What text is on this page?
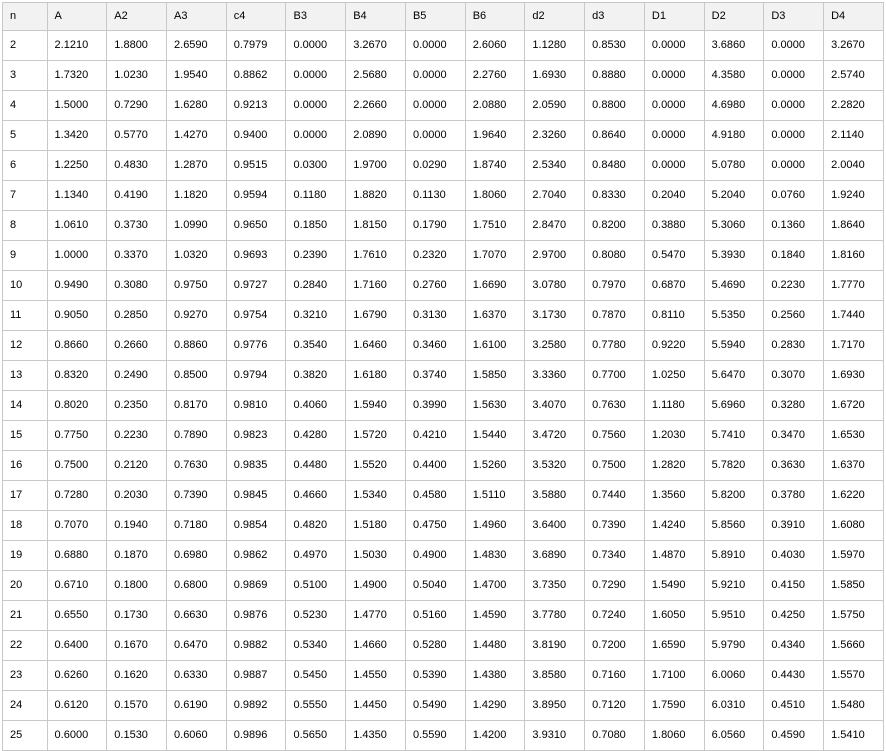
n	A	A2	A3	c4	B3	B4	B5	B6	d2	d3	D1	D2	D3	D4
2	2.1210	1.8800	2.6590	0.7979	0.0000	3.2670	0.0000	2.6060	1.1280	0.8530	0.0000	3.6860	0.0000	3.2670
3	1.7320	1.0230	1.9540	0.8862	0.0000	2.5680	0.0000	2.2760	1.6930	0.8880	0.0000	4.3580	0.0000	2.5740
4	1.5000	0.7290	1.6280	0.9213	0.0000	2.2660	0.0000	2.0880	2.0590	0.8800	0.0000	4.6980	0.0000	2.2820
5	1.3420	0.5770	1.4270	0.9400	0.0000	2.0890	0.0000	1.9640	2.3260	0.8640	0.0000	4.9180	0.0000	2.1140
6	1.2250	0.4830	1.2870	0.9515	0.0300	1.9700	0.0290	1.8740	2.5340	0.8480	0.0000	5.0780	0.0000	2.0040
7	1.1340	0.4190	1.1820	0.9594	0.1180	1.8820	0.1130	1.8060	2.7040	0.8330	0.2040	5.2040	0.0760	1.9240
8	1.0610	0.3730	1.0990	0.9650	0.1850	1.8150	0.1790	1.7510	2.8470	0.8200	0.3880	5.3060	0.1360	1.8640
9	1.0000	0.3370	1.0320	0.9693	0.2390	1.7610	0.2320	1.7070	2.9700	0.8080	0.5470	5.3930	0.1840	1.8160
10	0.9490	0.3080	0.9750	0.9727	0.2840	1.7160	0.2760	1.6690	3.0780	0.7970	0.6870	5.4690	0.2230	1.7770
11	0.9050	0.2850	0.9270	0.9754	0.3210	1.6790	0.3130	1.6370	3.1730	0.7870	0.8110	5.5350	0.2560	1.7440
12	0.8660	0.2660	0.8860	0.9776	0.3540	1.6460	0.3460	1.6100	3.2580	0.7780	0.9220	5.5940	0.2830	1.7170
13	0.8320	0.2490	0.8500	0.9794	0.3820	1.6180	0.3740	1.5850	3.3360	0.7700	1.0250	5.6470	0.3070	1.6930
14	0.8020	0.2350	0.8170	0.9810	0.4060	1.5940	0.3990	1.5630	3.4070	0.7630	1.1180	5.6960	0.3280	1.6720
15	0.7750	0.2230	0.7890	0.9823	0.4280	1.5720	0.4210	1.5440	3.4720	0.7560	1.2030	5.7410	0.3470	1.6530
16	0.7500	0.2120	0.7630	0.9835	0.4480	1.5520	0.4400	1.5260	3.5320	0.7500	1.2820	5.7820	0.3630	1.6370
17	0.7280	0.2030	0.7390	0.9845	0.4660	1.5340	0.4580	1.5110	3.5880	0.7440	1.3560	5.8200	0.3780	1.6220
18	0.7070	0.1940	0.7180	0.9854	0.4820	1.5180	0.4750	1.4960	3.6400	0.7390	1.4240	5.8560	0.3910	1.6080
19	0.6880	0.1870	0.6980	0.9862	0.4970	1.5030	0.4900	1.4830	3.6890	0.7340	1.4870	5.8910	0.4030	1.5970
20	0.6710	0.1800	0.6800	0.9869	0.5100	1.4900	0.5040	1.4700	3.7350	0.7290	1.5490	5.9210	0.4150	1.5850
21	0.6550	0.1730	0.6630	0.9876	0.5230	1.4770	0.5160	1.4590	3.7780	0.7240	1.6050	5.9510	0.4250	1.5750
22	0.6400	0.1670	0.6470	0.9882	0.5340	1.4660	0.5280	1.4480	3.8190	0.7200	1.6590	5.9790	0.4340	1.5660
23	0.6260	0.1620	0.6330	0.9887	0.5450	1.4550	0.5390	1.4380	3.8580	0.7160	1.7100	6.0060	0.4430	1.5570
24	0.6120	0.1570	0.6190	0.9892	0.5550	1.4450	0.5490	1.4290	3.8950	0.7120	1.7590	6.0310	0.4510	1.5480
25	0.6000	0.1530	0.6060	0.9896	0.5650	1.4350	0.5590	1.4200	3.9310	0.7080	1.8060	6.0560	0.4590	1.5410
